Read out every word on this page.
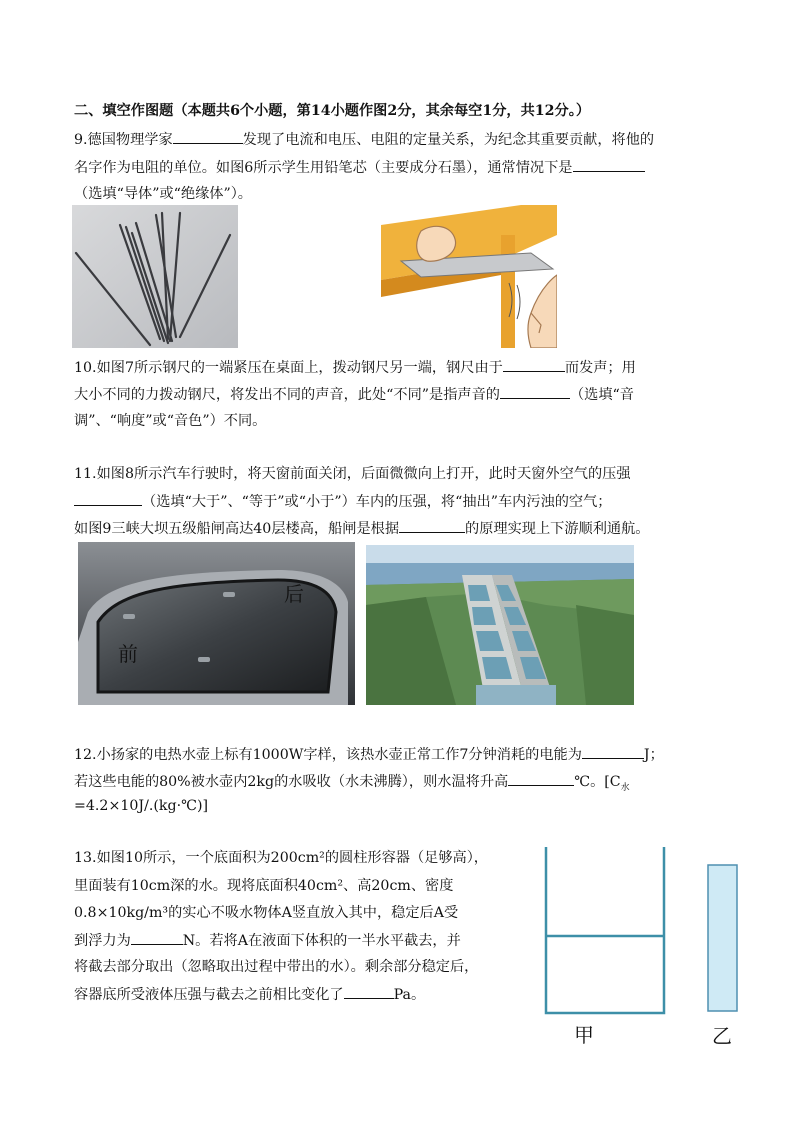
二、填空作图题（本题共6个小题，第14小题作图2分，其余每空1分，共12分。）
9.德国物理学家	发现了电流和电压、电阻的定量关系，为纪念其重要贡献，将他的
名字作为电阻的单位。如图6所示学生用铅笔芯（主要成分石墨），通常情况下是
（选填“导体”或“绝缘体”）。
10.如图7所示钢尺的一端紧压在桌面上，拨动钢尺另一端，钢尺由于	而发声；用
大小不同的力拨动钢尺，将发出不同的声音，此处“不同”是指声音的	（选填“音
调”、“响度”或“音色”）不同。
11.如图8所示汽车行驶时，将天窗前面关闭，后面微微向上打开，此时天窗外空气的压强
（选填“大于”、“等于”或“小于”）车内的压强，将“抽出”车内污浊的空气；
如图9三峡大坝五级船闸高达40层楼高，船闸是根据	的原理实现上下游顺利通航。
后
前
12.小扬家的电热水壶上标有1000W字样，该热水壶正常工作7分钟消耗的电能为	J；
若这些电能的80%被水壶内2kg的水吸收（水未沸腾），则水温将升高	℃。[$C_水$
=4.2×10J/.(kg·℃)]
13.如图10所示，一个底面积为200cm²的圆柱形容器（足够高），
里面装有10cm深的水。现将底面积40cm²、高20cm、密度
0.8×10kg/m³的实心不吸水物体A竖直放入其中，稳定后A受
到浮力为	N。若将A在液面下体积的一半水平截去，并
将截去部分取出（忽略取出过程中带出的水）。剩余部分稳定后，
容器底所受液体压强与截去之前相比变化了	Pa。
甲	乙
